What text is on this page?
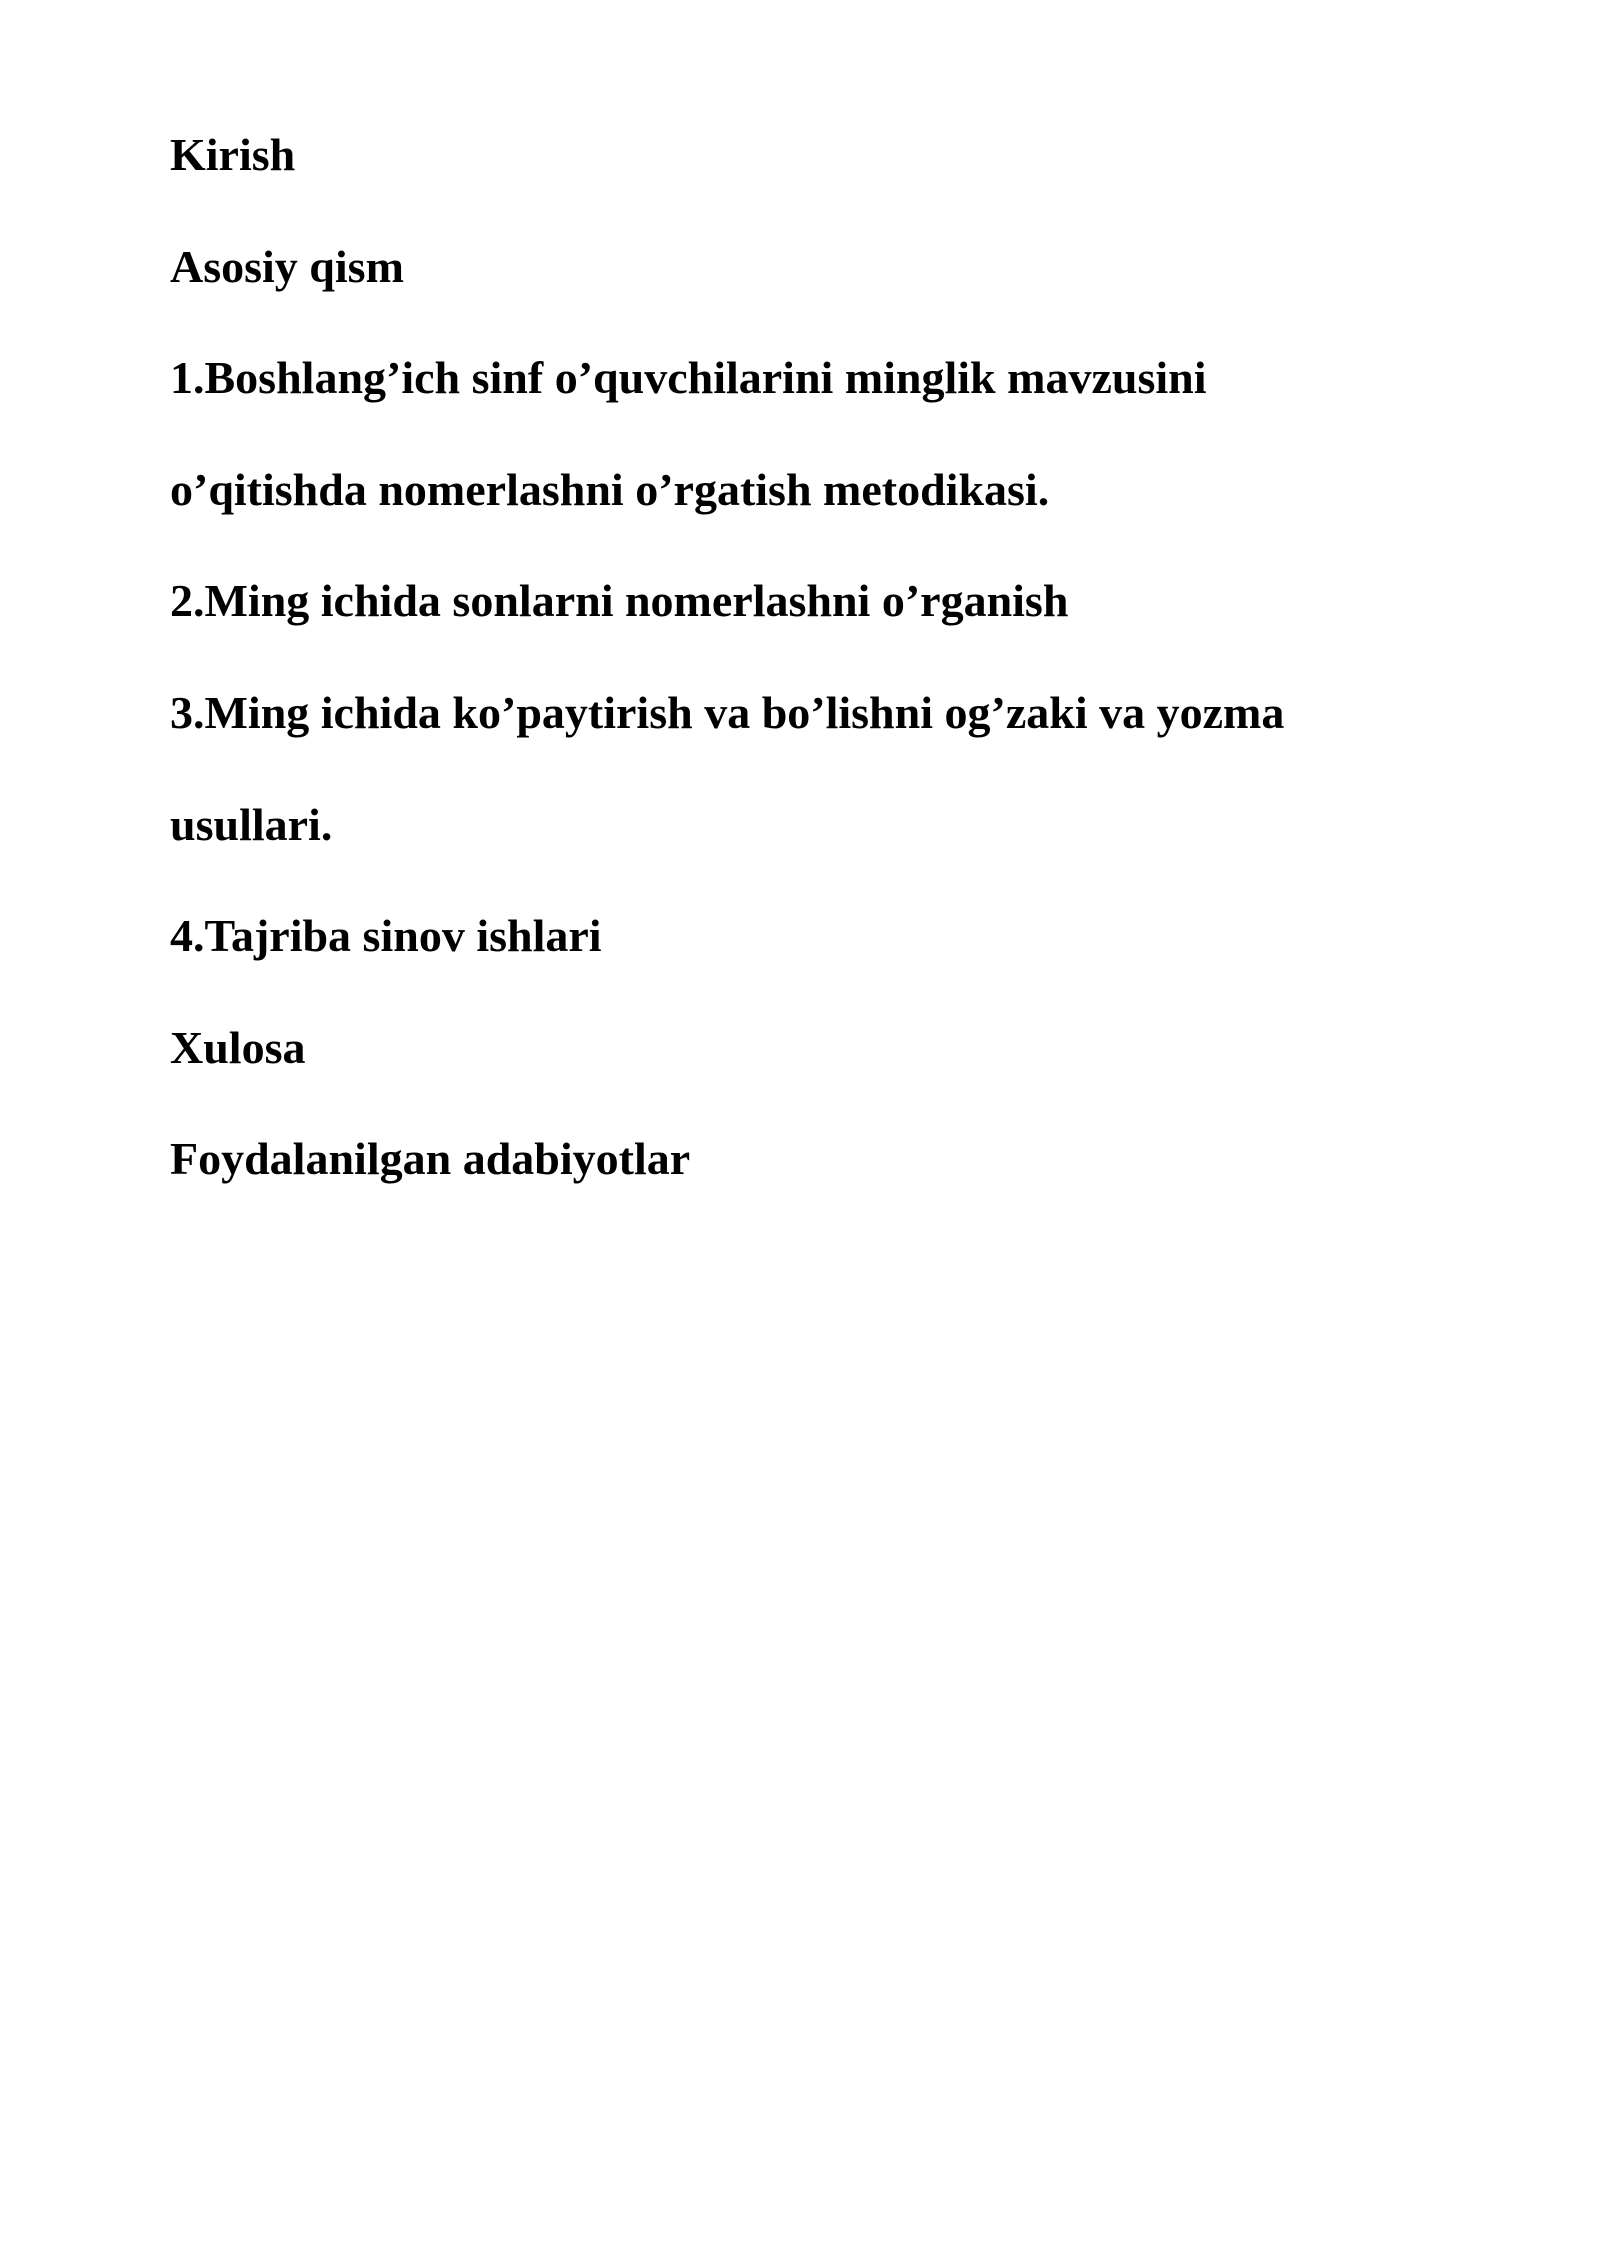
Kirish

Asosiy qism

1.Boshlang’ich sinf o’quvchilarini minglik mavzusini

o’qitishda nomerlashni o’rgatish metodikasi.

2.Ming ichida sonlarni nomerlashni o’rganish

3.Ming ichida ko’paytirish va bo’lishni og’zaki va yozma

usullari.

4.Tajriba sinov ishlari

Xulosa

Foydalanilgan adabiyotlar
